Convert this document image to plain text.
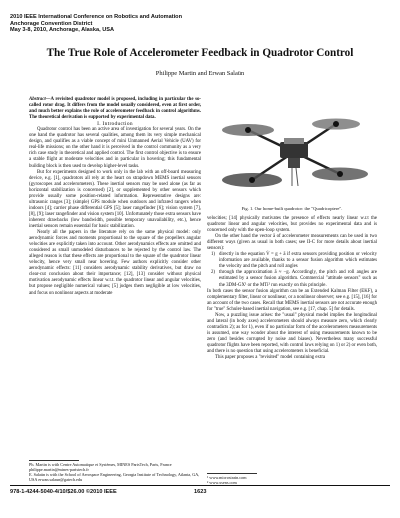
2010 IEEE International Conference on Robotics and Automation
Anchorage Convention District
May 3-8, 2010, Anchorage, Alaska, USA
The True Role of Accelerometer Feedback in Quadrotor Control
Philippe Martin and Erwan Salaün

Abstract—A revisited quadrotor model is proposed, including in particular the so-called rotor drag. It differs from the model usually considered, even at first order, and much better explains the role of accelerometer feedback in control algorithms. The theoretical derivation is supported by experimental data.

I. Introduction

Quadrotor control has been an active area of investigation for several years. On the one hand the quadrotor has several qualities, among them its very simple mechanical design, and qualifies as a viable concept of mini Unmanned Aerial Vehicle (UAV) for real-life missions; on the other hand it is perceived in the control community as a very rich case study in theoretical and applied control. The first control objective is to ensure a stable flight at moderate velocities and in particular in hovering; this fundamental building block is then used to develop higher-level tasks.

But for experiments designed to work only in the lab with an off-board measuring device, e.g. [1], quadrotors all rely at the heart on strapdown MEMS inertial sensors (gyroscopes and accelerometers). These inertial sensors may be used alone (as far as horizontal stabilization is concerned) [2], or supplemented by other sensors which provide usually some position-related information. Representative designs are: ultrasonic ranges [3]; (simple) GPS module when outdoors and infrared rangers when indoors [4]; carrier phase differential GPS [5]; laser rangefinder [6]; vision system [7], [8], [9]; laser rangefinder and vision system [10]. Unfortunately those extra sensors have inherent drawbacks (low bandwidth, possible temporary unavailability, etc.), hence inertial sensors remain essential for basic stabilization.

Nearly all the papers in the literature rely on the same physical model: only aerodynamic forces and moments proportional to the square of the propellers angular velocities are explicitly taken into account. Other aerodynamics effects are omitted and considered as small unmodeled disturbances to be rejected by the control law. The alleged reason is that these effects are proportional to the square of the quadrotor linear velocity, hence very small near hovering. Few authors explicitly consider other aerodynamic effects: [11] considers aerodynamic stability derivatives, but draw no clear-cut conclusion about their importance; [12], [13] consider without physical motivation aerodynamic effects linear w.r.t. the quadrotor linear and angular velocities, but propose negligible numerical values; [5] judges them negligible at low velocities, and focus on nonlinear aspects at moderate

Fig. 1. Our home-built quadrotor: the "Quadricoptere".

velocities; [14] physically motivates the presence of effects nearly linear w.r.t the quadrotor linear and angular velocities, but provides no experimental data and is concerned only with the open-loop system.

On the other hand the vector ā of accelerometer measurements can be used in two different ways (given as usual in both cases; see II-C for more details about inertial sensors):

1) directly in the equation V̇ = g + ā if extra sensors providing position or velocity information are available, thanks to a sensor fusion algorithm which estimates the velocity and the pitch and roll angles

2) through the approximation ā ≈ −g. Accordingly, the pitch and roll angles are estimated by a sensor fusion algorithm. Commercial "attitude sensors" such as the 3DM-GX¹ or the MTi² run exactly on this principle.

In both cases the sensor fusion algorithm can be an Extended Kalman Filter (EKF), a complementary filter, linear or nonlinear, or a nonlinear observer; see e.g. [15], [16] for an account of the two cases. Recall that MEMS inertial sensors are not accurate enough for "true" Schuler-based inertial navigation, see e.g. [17, chap. 5] for details.

Now, a puzzling issue arises: the "usual" physical model implies the longitudinal and lateral (in body axes) accelerometers should always measure zero, which clearly contradicts 2); as for 1), even if no particular form of the accelerometers measurements is assumed, one way wonder about the interest of using measurements known to be zero (and besides corrupted by noise and biases). Nevertheless many successful quadrotor flights have been reported, with control laws relying on 1) or 2) or even both, and there is no question that using accelerometers is beneficial.

This paper proposes a "revisited" model containing extra

Ph. Martin is with Centre Automatique et Systèmes, MINES ParisTech, Paris, France philippe.martin@mines-paristech.fr
E. Salaün is with the School of Aerospace Engineering, Georgia Institute of Technology, Atlanta, GA, USA erwan.salaun@gatech.edu	¹ www.microstrain.com
² www.xsens.com
978-1-4244-5040-4/10/$26.00 ©2010 IEEE	1623
